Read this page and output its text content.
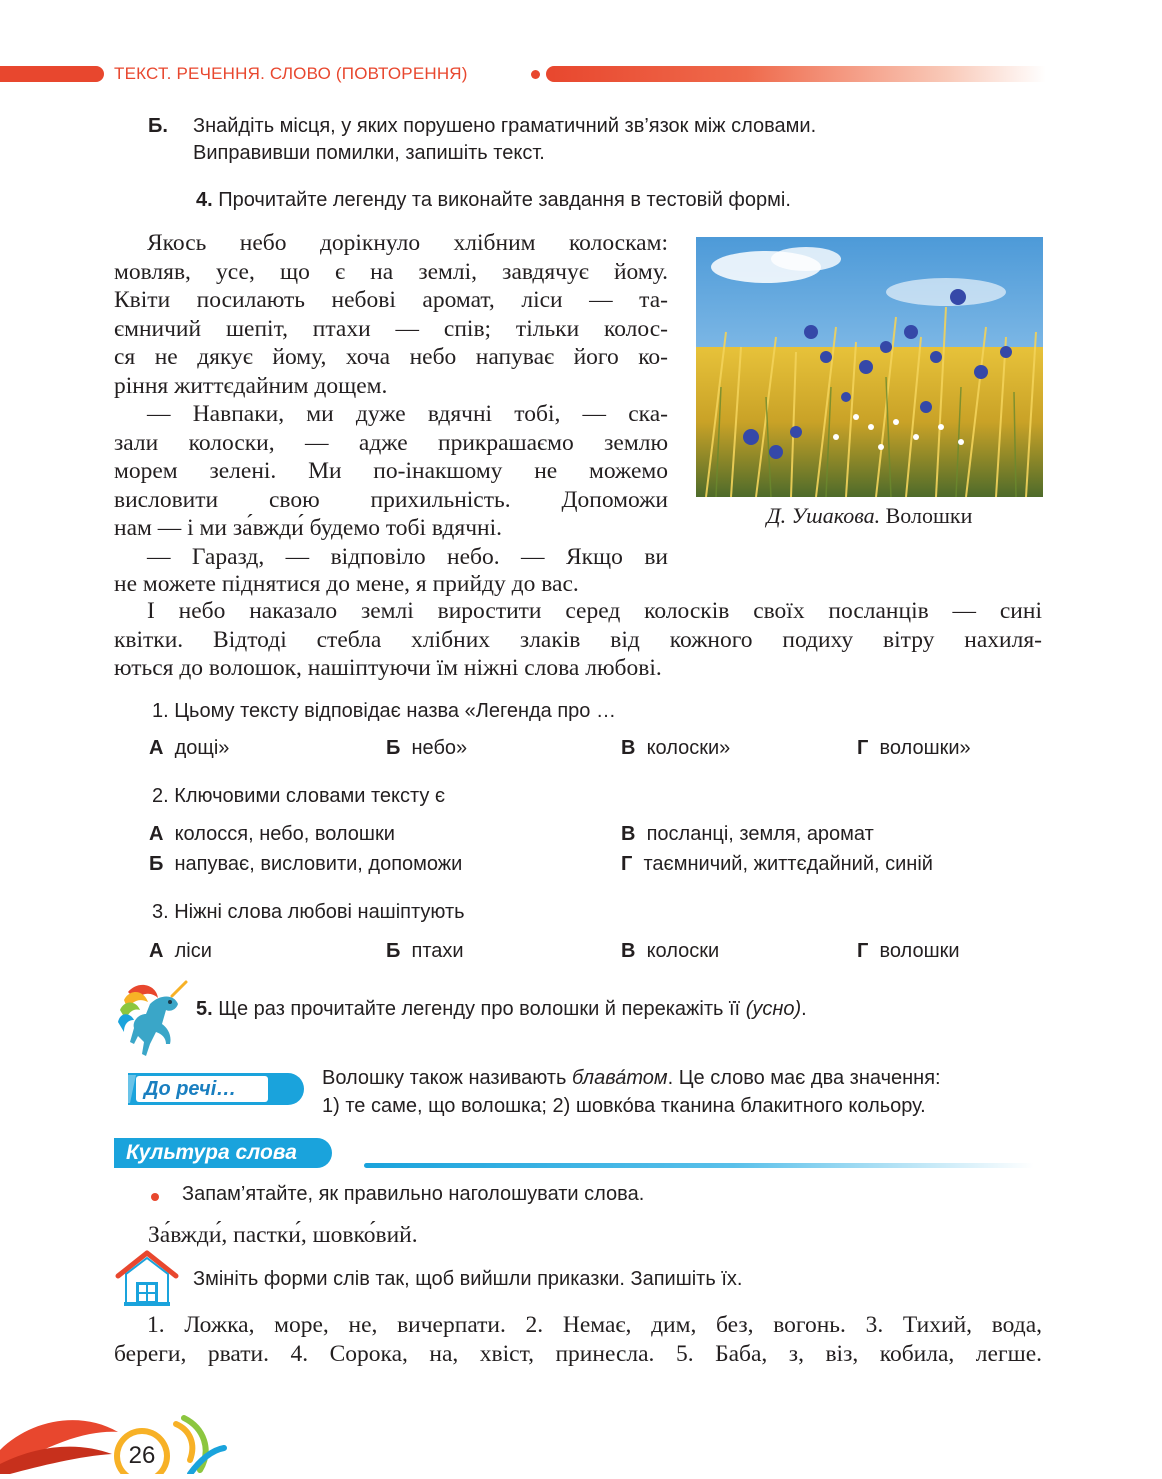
ТЕКСТ. РЕЧЕННЯ. СЛОВО (ПОВТОРЕННЯ)
Б. Знайдіть місця, у яких порушено граматичний зв’язок між словами.
Виправивши помилки, запишіть текст.
4. Прочитайте легенду та виконайте завдання в тестовій формі.
Якось небо дорікнуло хлібним колоскам:
мовляв, усе, що є на землі, завдячує йому.
Квіти посилають небові аромат, ліси — та-
ємничий шепіт, птахи — спів; тільки колос-
ся не дякує йому, хоча небо напуває його ко-
ріння життєдайним дощем.
— Навпаки, ми дуже вдячні тобі, — ска-
зали колоски, — адже прикрашаємо землю
морем зелені. Ми по-інакшому не можемо
висловити свою прихильність. Допоможи
нам — і ми за́вжди́ будемо тобі вдячні.
— Гаразд, — відповіло небо. — Якщо ви
не можете піднятися до мене, я прийду до вас.
І небо наказало землі виростити серед колосків своїх посланців — сині
квітки. Відтоді стебла хлібних злаків від кожного подиху вітру нахиля-
ються до волошок, нашіптуючи їм ніжні слова любові.
Д. Ушакова. Волошки
1. Цьому тексту відповідає назва «Легенда про …
А дощі»	Б небо»	В колоски»	Г волошки»
2. Ключовими словами тексту є
А колосся, небо, волошки	В посланці, земля, аромат
Б напуває, висловити, допоможи	Г таємничий, життєдайний, синій
3. Ніжні слова любові нашіптують
А ліси	Б птахи	В колоски	Г волошки
5. Ще раз прочитайте легенду про волошки й перекажіть її (усно).
До речі…	Волошку також називають блава́том. Це слово має два значення:
1) те саме, що волошка; 2) шовко́ва тканина блакитного кольору.
Культура слова
Запам’ятайте, як правильно наголошувати слова.
За́вжди́, пастки́, шовко́вий.
Змініть форми слів так, щоб вийшли приказки. Запишіть їх.
1. Ложка, море, не, вичерпати. 2. Немає, дим, без, вогонь. 3. Тихий, вода,
береги, рвати. 4. Сорока, на, хвіст, принесла. 5. Баба, з, віз, кобила, легше.
26
